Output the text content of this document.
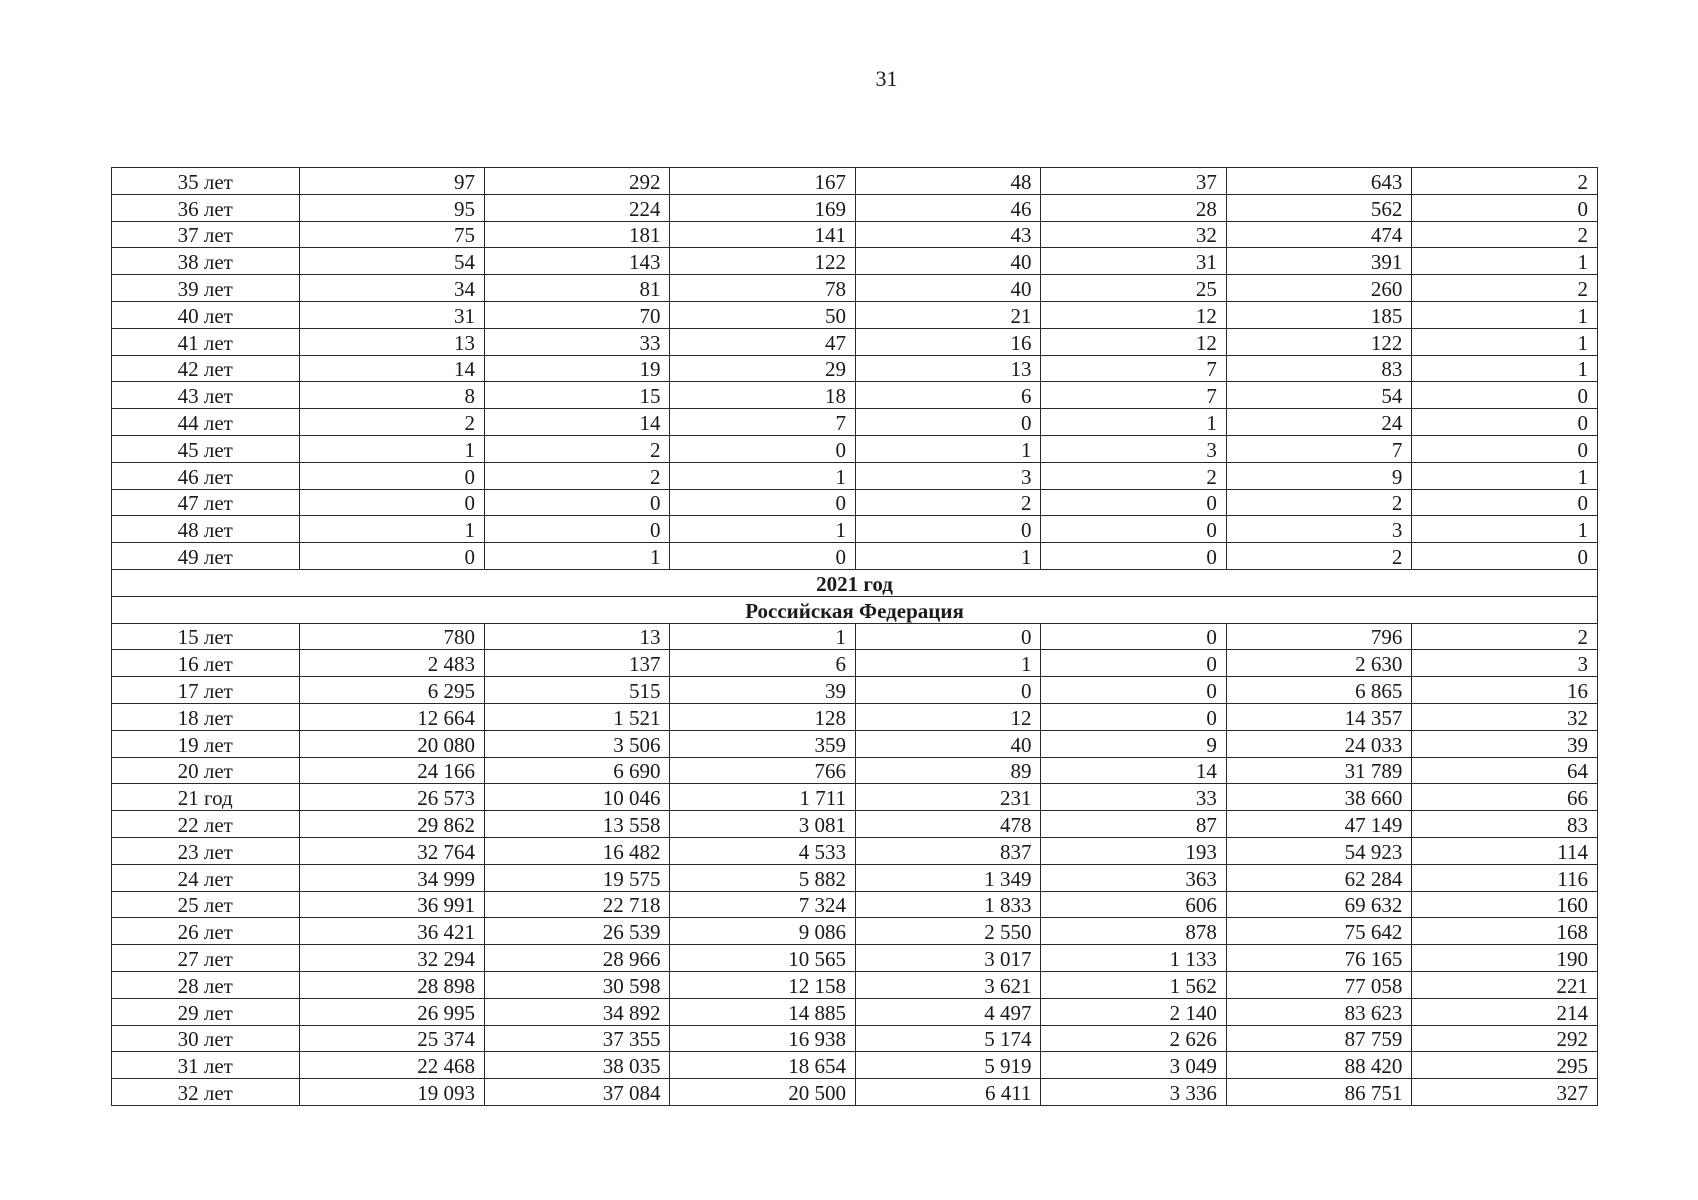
31
35 лет	97	292	167	48	37	643	2
36 лет	95	224	169	46	28	562	0
37 лет	75	181	141	43	32	474	2
38 лет	54	143	122	40	31	391	1
39 лет	34	81	78	40	25	260	2
40 лет	31	70	50	21	12	185	1
41 лет	13	33	47	16	12	122	1
42 лет	14	19	29	13	7	83	1
43 лет	8	15	18	6	7	54	0
44 лет	2	14	7	0	1	24	0
45 лет	1	2	0	1	3	7	0
46 лет	0	2	1	3	2	9	1
47 лет	0	0	0	2	0	2	0
48 лет	1	0	1	0	0	3	1
49 лет	0	1	0	1	0	2	0
2021 год							
Российская Федерация							
15 лет	780	13	1	0	0	796	2
16 лет	2 483	137	6	1	0	2 630	3
17 лет	6 295	515	39	0	0	6 865	16
18 лет	12 664	1 521	128	12	0	14 357	32
19 лет	20 080	3 506	359	40	9	24 033	39
20 лет	24 166	6 690	766	89	14	31 789	64
21 год	26 573	10 046	1 711	231	33	38 660	66
22 лет	29 862	13 558	3 081	478	87	47 149	83
23 лет	32 764	16 482	4 533	837	193	54 923	114
24 лет	34 999	19 575	5 882	1 349	363	62 284	116
25 лет	36 991	22 718	7 324	1 833	606	69 632	160
26 лет	36 421	26 539	9 086	2 550	878	75 642	168
27 лет	32 294	28 966	10 565	3 017	1 133	76 165	190
28 лет	28 898	30 598	12 158	3 621	1 562	77 058	221
29 лет	26 995	34 892	14 885	4 497	2 140	83 623	214
30 лет	25 374	37 355	16 938	5 174	2 626	87 759	292
31 лет	22 468	38 035	18 654	5 919	3 049	88 420	295
32 лет	19 093	37 084	20 500	6 411	3 336	86 751	327
